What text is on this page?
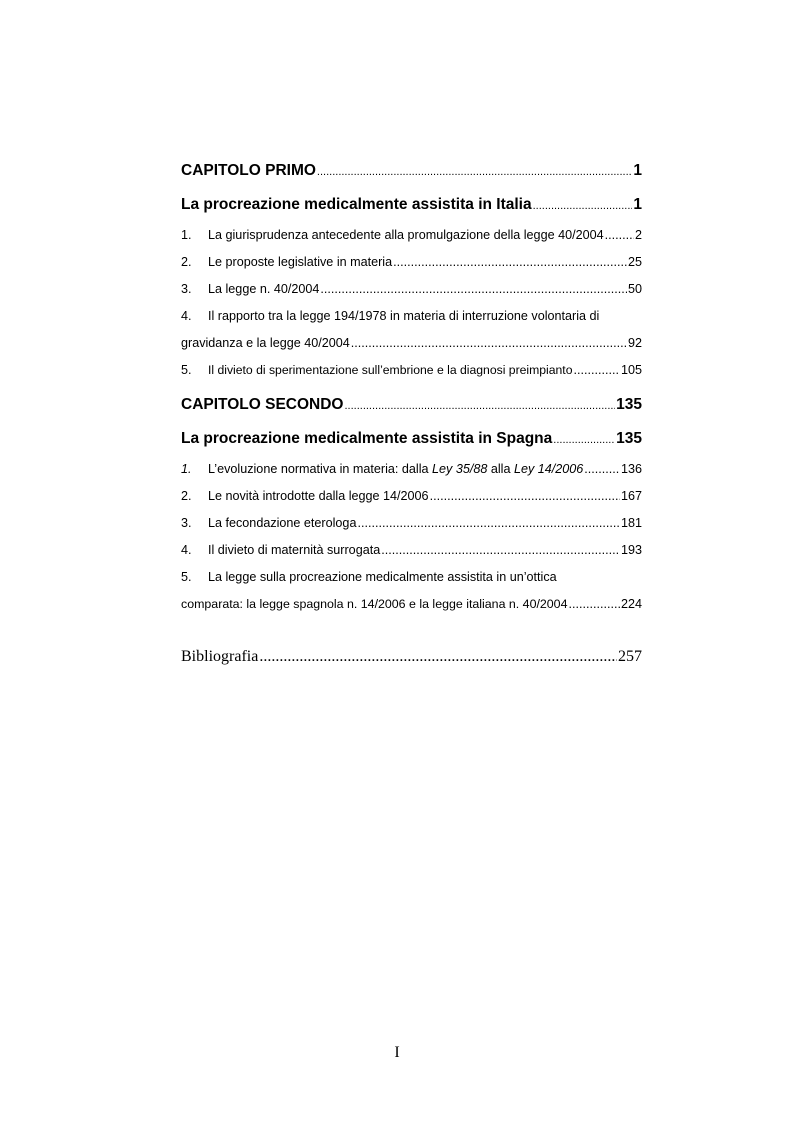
CAPITOLO PRIMO .....	1
La procreazione medicalmente assistita in Italia .....	1
1.	La giurisprudenza antecedente alla promulgazione della legge 40/2004 ..... 2
2.	Le proposte legislative in materia .....	25
3.	La legge n. 40/2004 .....	50
4.	Il rapporto tra la legge 194/1978 in materia di interruzione volontaria di
gravidanza e la legge 40/2004 .....	92
5.	Il divieto di sperimentazione sull’embrione e la diagnosi preimpianto .....	105
CAPITOLO SECONDO .....	135
La procreazione medicalmente assistita in Spagna .....	135
1.	L’evoluzione normativa in materia: dalla Ley 35/88 alla Ley 14/2006 .....	136
2.	Le novità introdotte dalla legge 14/2006 .....	167
3.	La fecondazione eterologa .....	181
4.	Il divieto di maternità surrogata .....	193
5.	La legge sulla procreazione medicalmente assistita in un’ottica
comparata: la legge spagnola n. 14/2006 e la legge italiana n. 40/2004 .....	224
Bibliografia .....	257
I
